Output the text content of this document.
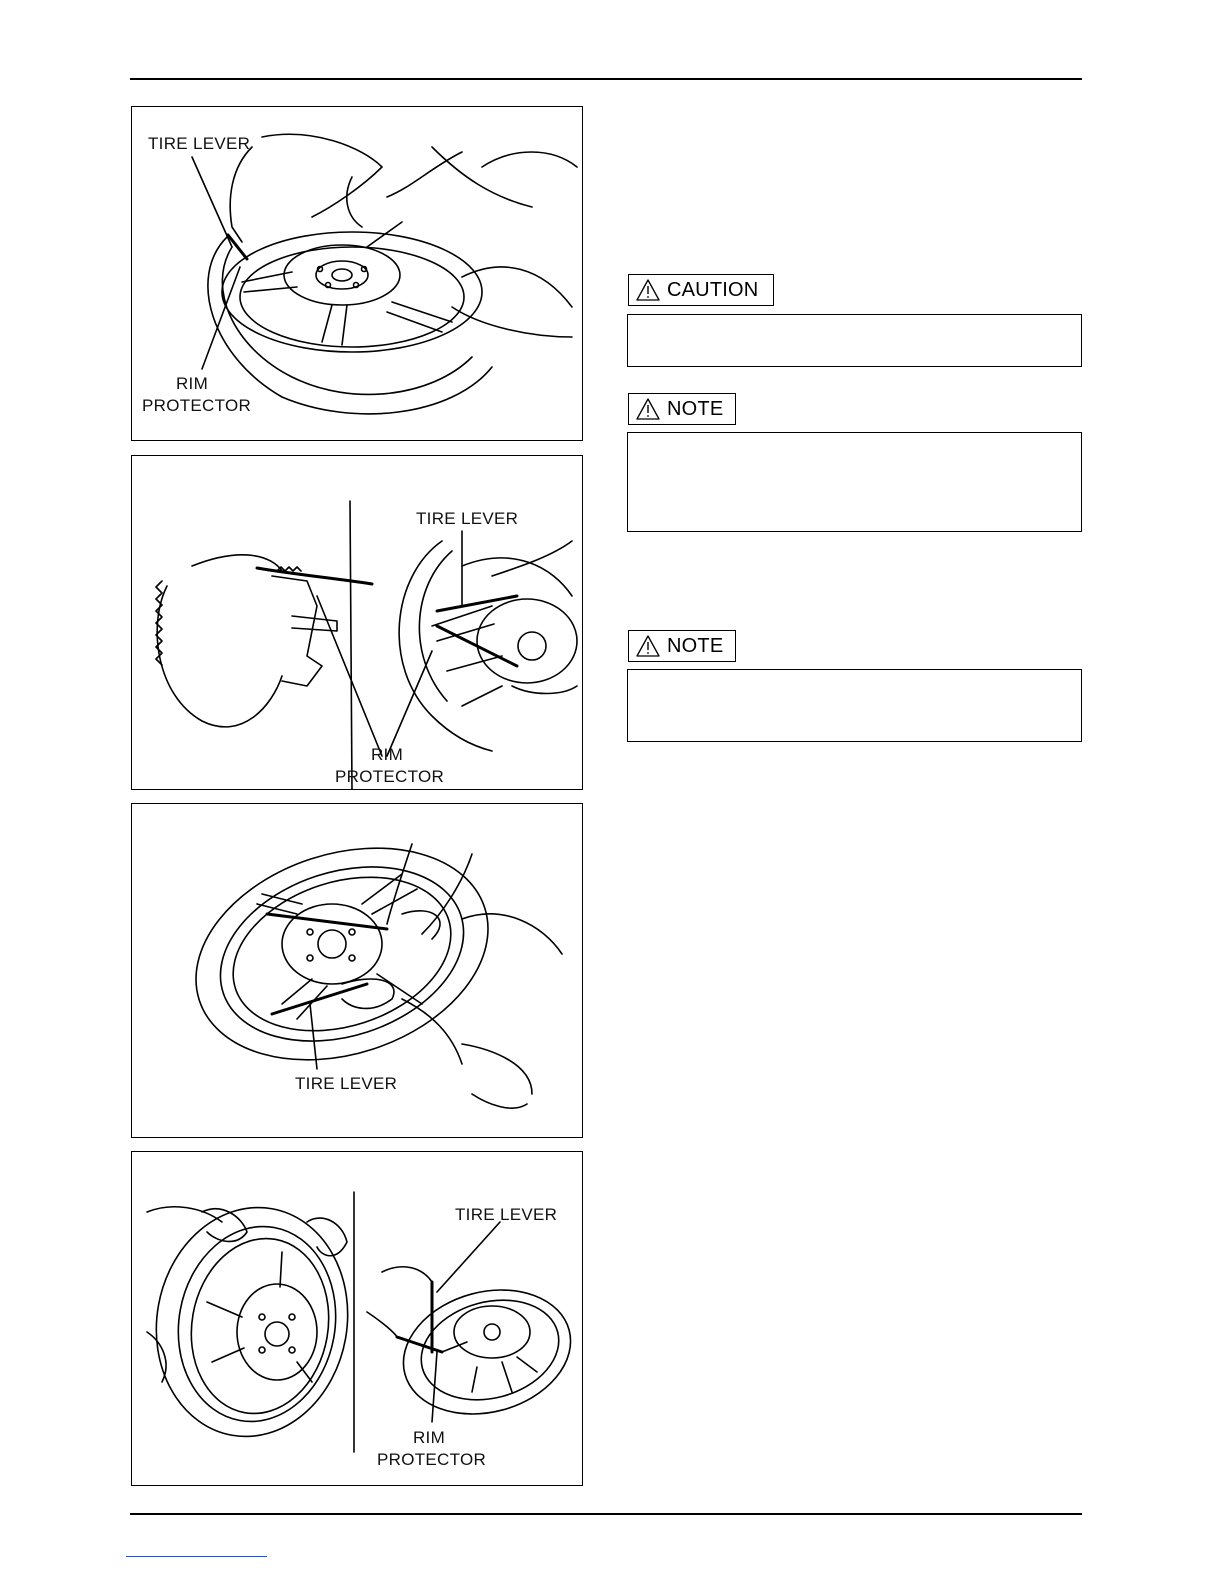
TIRE LEVER
RIM PROTECTOR
TIRE LEVER
RIM PROTECTOR
TIRE LEVER
TIRE LEVER
RIM PROTECTOR
CAUTION
NOTE
NOTE
